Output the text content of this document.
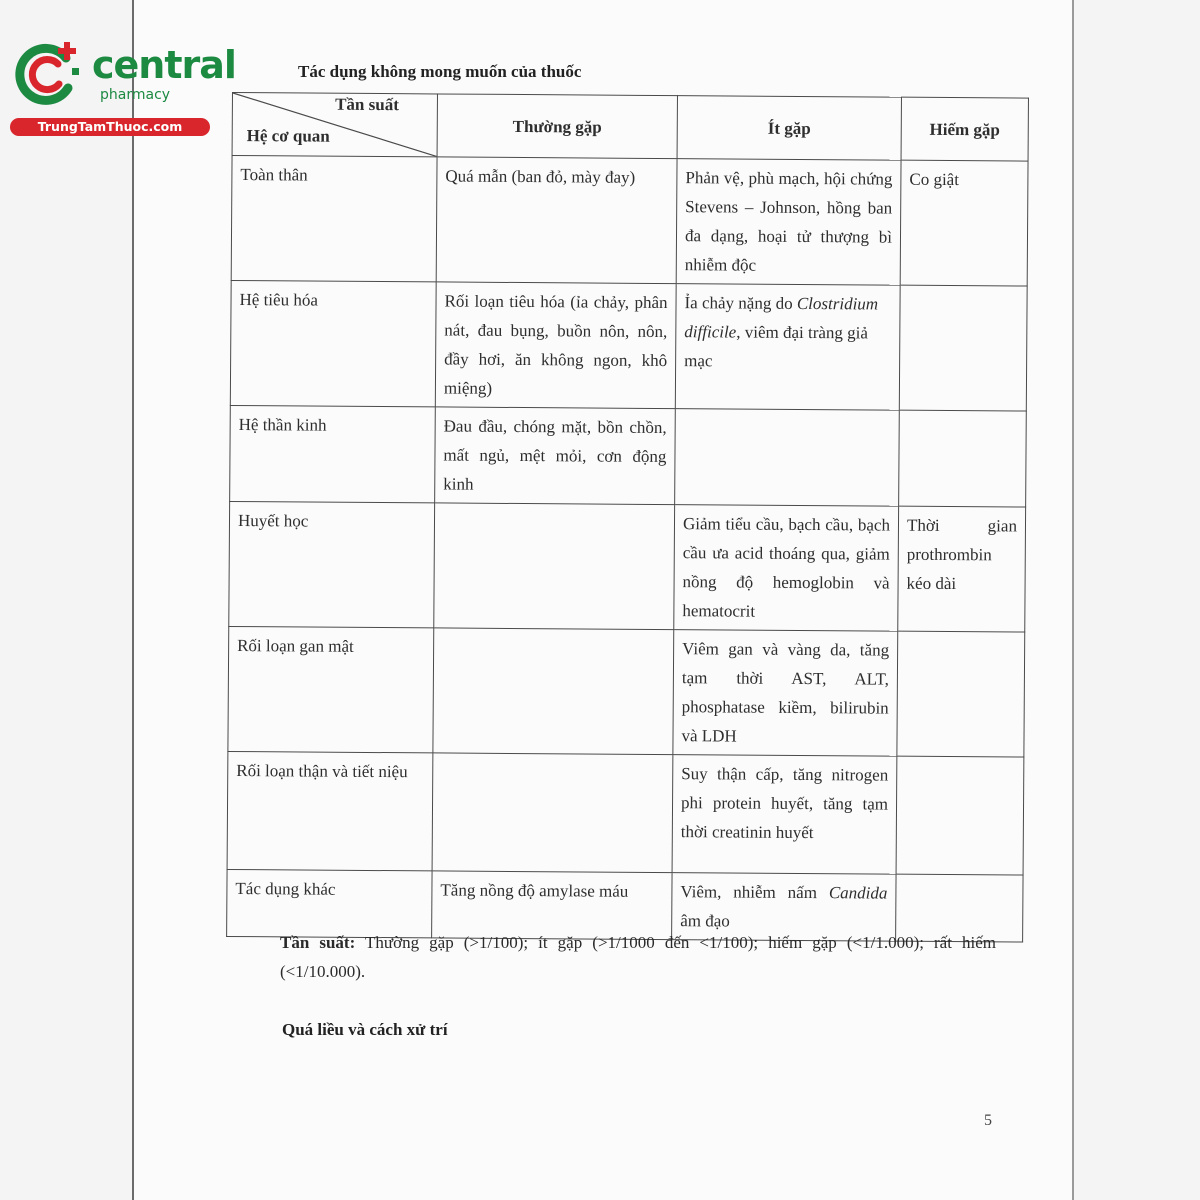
central
pharmacy
TrungTamThuoc.com
Tác dụng không mong muốn của thuốc
Tần suất
Hệ cơ quan	Thường gặp	Ít gặp	Hiếm gặp
Toàn thân	Quá mẫn (ban đỏ, mày đay)	Phản vệ, phù mạch, hội chứng Stevens – Johnson, hồng ban đa dạng, hoại tử thượng bì nhiễm độc	Co giật
Hệ tiêu hóa	Rối loạn tiêu hóa (ỉa chảy, phân nát, đau bụng, buồn nôn, nôn, đầy hơi, ăn không ngon, khô miệng)	Ỉa chảy nặng do Clostridium difficile, viêm đại tràng giả mạc	
Hệ thần kinh	Đau đầu, chóng mặt, bồn chồn, mất ngủ, mệt mỏi, cơn động kinh		
Huyết học		Giảm tiểu cầu, bạch cầu, bạch cầu ưa acid thoáng qua, giảm nồng độ hemoglobin và hematocrit	Thời gian prothrombin kéo dài
Rối loạn gan mật		Viêm gan và vàng da, tăng tạm thời AST, ALT, phosphatase kiềm, bilirubin và LDH	
Rối loạn thận và tiết niệu		Suy thận cấp, tăng nitrogen phi protein huyết, tăng tạm thời creatinin huyết	
Tác dụng khác	Tăng nồng độ amylase máu	Viêm, nhiễm nấm Candida âm đạo	
Tần suất: Thường gặp (>1/100); ít gặp (>1/1000 đến <1/100); hiếm gặp (<1/1.000); rất hiếm (<1/10.000).
Quá liều và cách xử trí
5
